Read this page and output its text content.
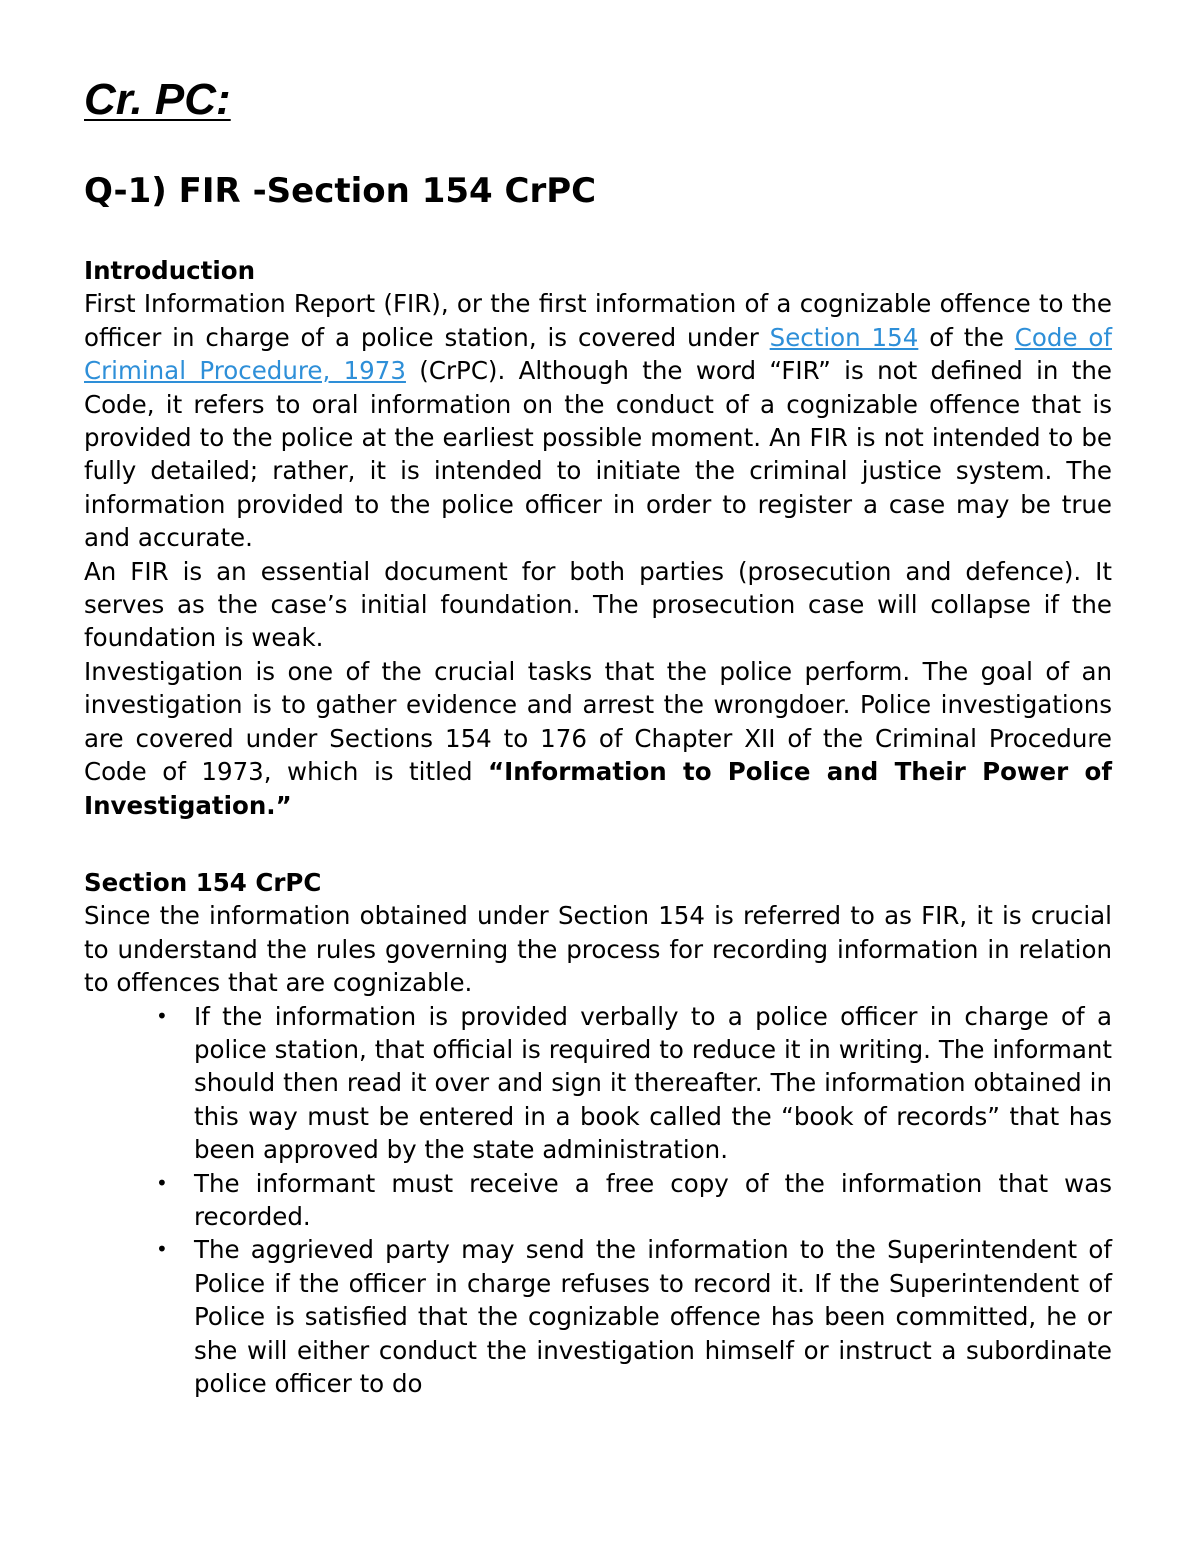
Cr. PC:
Q-1) FIR -Section 154 CrPC

Introduction

First Information Report (FIR), or the first information of a cognizable offence to the officer in charge of a police station, is covered under Section 154 of the Code of Criminal Procedure, 1973 (CrPC). Although the word “FIR” is not defined in the Code, it refers to oral information on the conduct of a cognizable offence that is provided to the police at the earliest possible moment. An FIR is not intended to be fully detailed; rather, it is intended to initiate the criminal justice system. The information provided to the police officer in order to register a case may be true and accurate.

An FIR is an essential document for both parties (prosecution and defence). It serves as the case’s initial foundation. The prosecution case will collapse if the foundation is weak.

Investigation is one of the crucial tasks that the police perform. The goal of an investigation is to gather evidence and arrest the wrongdoer. Police investigations are covered under Sections 154 to 176 of Chapter XII of the Criminal Procedure Code of 1973, which is titled “Information to Police and Their Power of Investigation.”

Section 154 CrPC

Since the information obtained under Section 154 is referred to as FIR, it is crucial to understand the rules governing the process for recording information in relation to offences that are cognizable.

• If the information is provided verbally to a police officer in charge of a police station, that official is required to reduce it in writing. The informant should then read it over and sign it thereafter. The information obtained in this way must be entered in a book called the “book of records” that has been approved by the state administration.
• The informant must receive a free copy of the information that was recorded.
• The aggrieved party may send the information to the Superintendent of Police if the officer in charge refuses to record it. If the Superintendent of Police is satisfied that the cognizable offence has been committed, he or she will either conduct the investigation himself or instruct a subordinate police officer to do
